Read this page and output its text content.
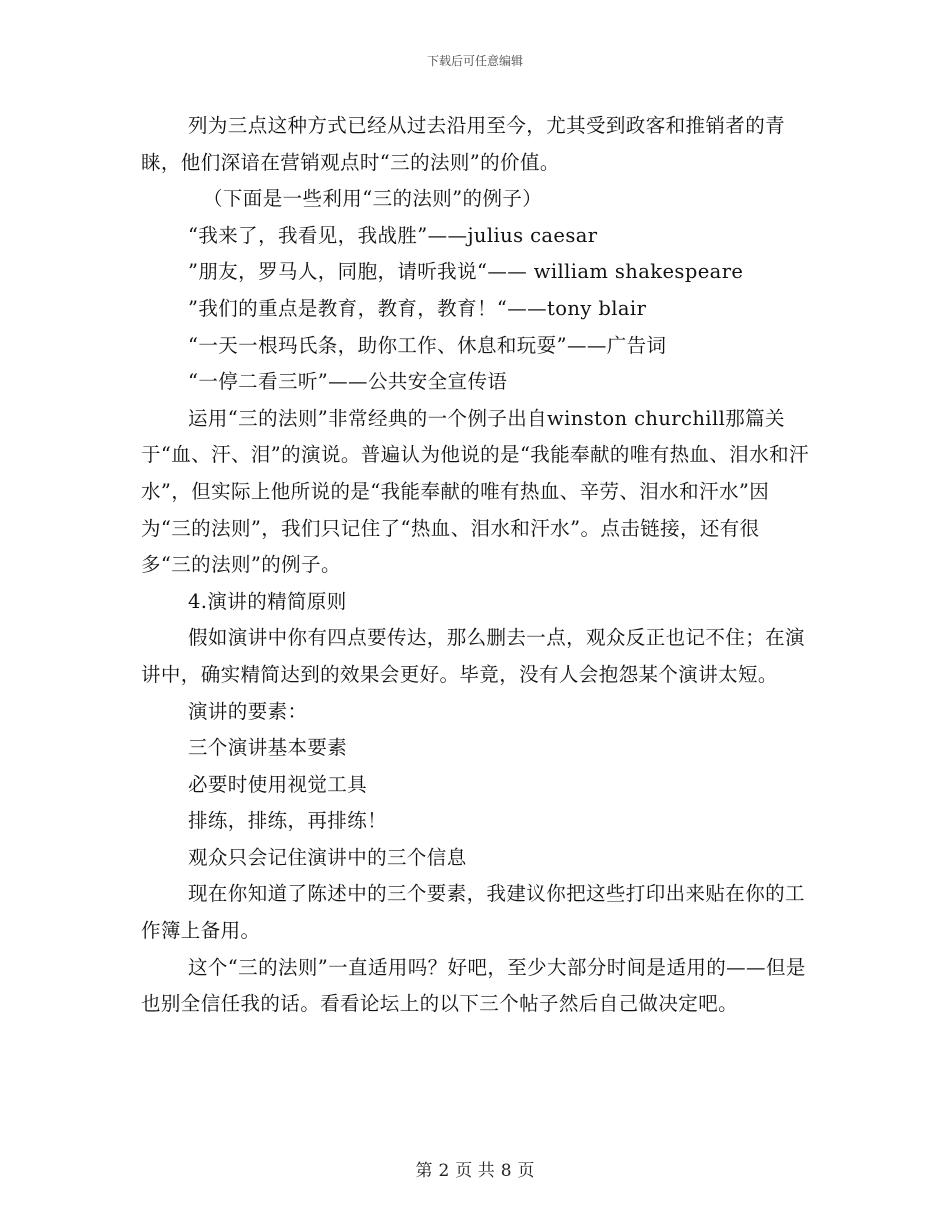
下载后可任意编辑

列为三点这种方式已经从过去沿用至今，尤其受到政客和推销者的青睐，他们深谙在营销观点时“三的法则”的价值。

（下面是一些利用“三的法则”的例子）

“我来了，我看见，我战胜”——julius caesar

”朋友，罗马人，同胞，请听我说“—— william shakespeare

”我们的重点是教育，教育，教育！“——tony blair

“一天一根玛氏条，助你工作、休息和玩耍”——广告词

“一停二看三听”——公共安全宣传语

运用“三的法则”非常经典的一个例子出自winston churchill那篇关于“血、汗、泪”的演说。普遍认为他说的是“我能奉献的唯有热血、泪水和汗水”，但实际上他所说的是“我能奉献的唯有热血、辛劳、泪水和汗水”因为“三的法则”，我们只记住了“热血、泪水和汗水”。点击链接，还有很多“三的法则”的例子。

4.演讲的精简原则

假如演讲中你有四点要传达，那么删去一点，观众反正也记不住；在演讲中，确实精简达到的效果会更好。毕竟，没有人会抱怨某个演讲太短。

演讲的要素：

三个演讲基本要素

必要时使用视觉工具

排练，排练，再排练！

观众只会记住演讲中的三个信息

现在你知道了陈述中的三个要素，我建议你把这些打印出来贴在你的工作簿上备用。

这个“三的法则”一直适用吗？好吧，至少大部分时间是适用的——但是也别全信任我的话。看看论坛上的以下三个帖子然后自己做决定吧。

第 2 页 共 8 页
